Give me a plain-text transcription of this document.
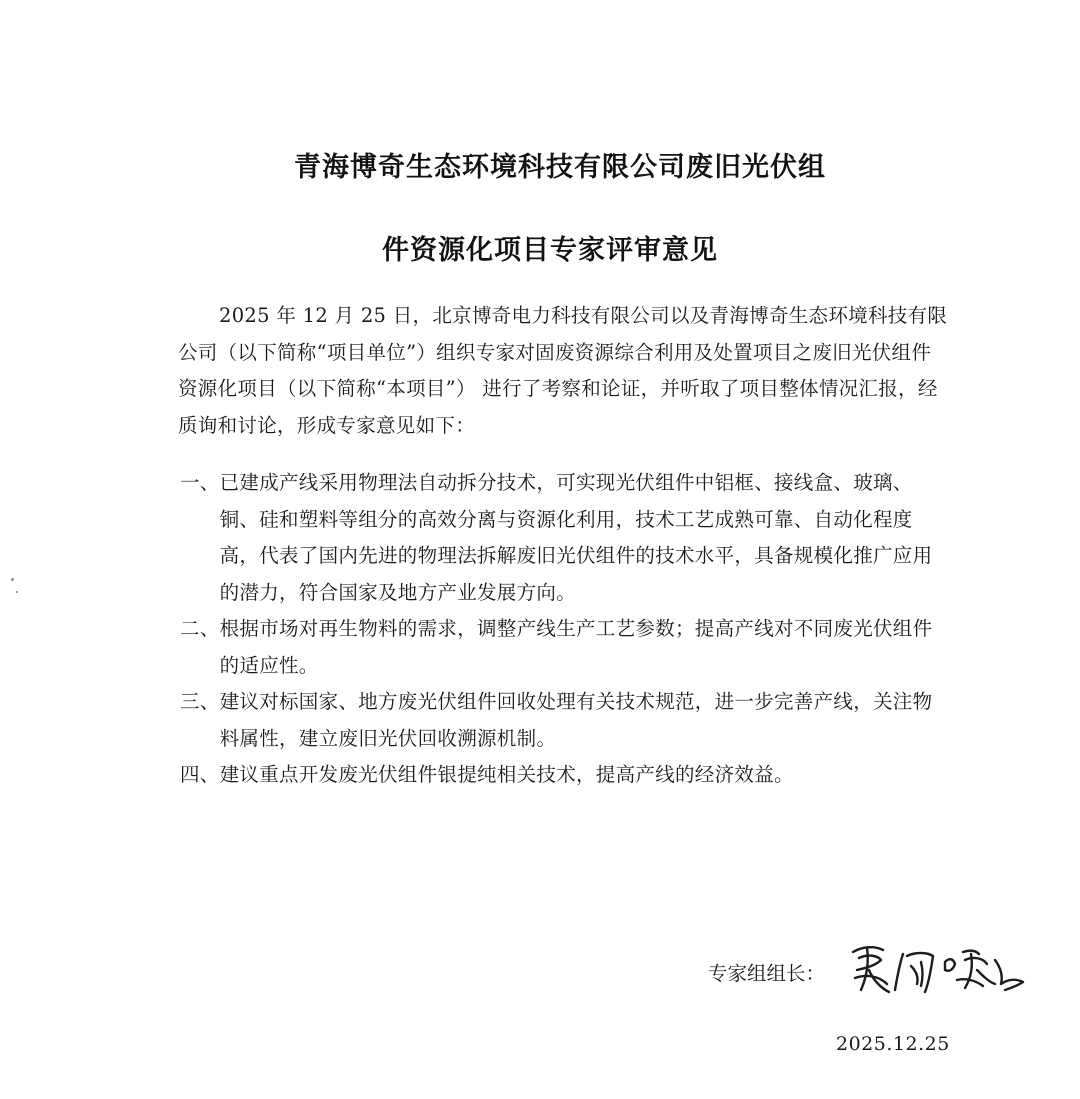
青海博奇生态环境科技有限公司废旧光伏组
件资源化项目专家评审意见
2025 年 12 月 25 日，北京博奇电力科技有限公司以及青海博奇生态环境科技有限公司（以下简称“项目单位”）组织专家对固废资源综合利用及处置项目之废旧光伏组件资源化项目（以下简称“本项目”） 进行了考察和论证，并听取了项目整体情况汇报，经质询和讨论，形成专家意见如下：
一、 已建成产线采用物理法自动拆分技术，可实现光伏组件中铝框、接线盒、玻璃、铜、硅和塑料等组分的高效分离与资源化利用，技术工艺成熟可靠、自动化程度高，代表了国内先进的物理法拆解废旧光伏组件的技术水平，具备规模化推广应用的潜力，符合国家及地方产业发展方向。
二、 根据市场对再生物料的需求，调整产线生产工艺参数；提高产线对不同废光伏组件的适应性。
三、 建议对标国家、地方废光伏组件回收处理有关技术规范，进一步完善产线，关注物料属性，建立废旧光伏回收溯源机制。
四、 建议重点开发废光伏组件银提纯相关技术，提高产线的经济效益。
专家组组长：
2025.12.25
